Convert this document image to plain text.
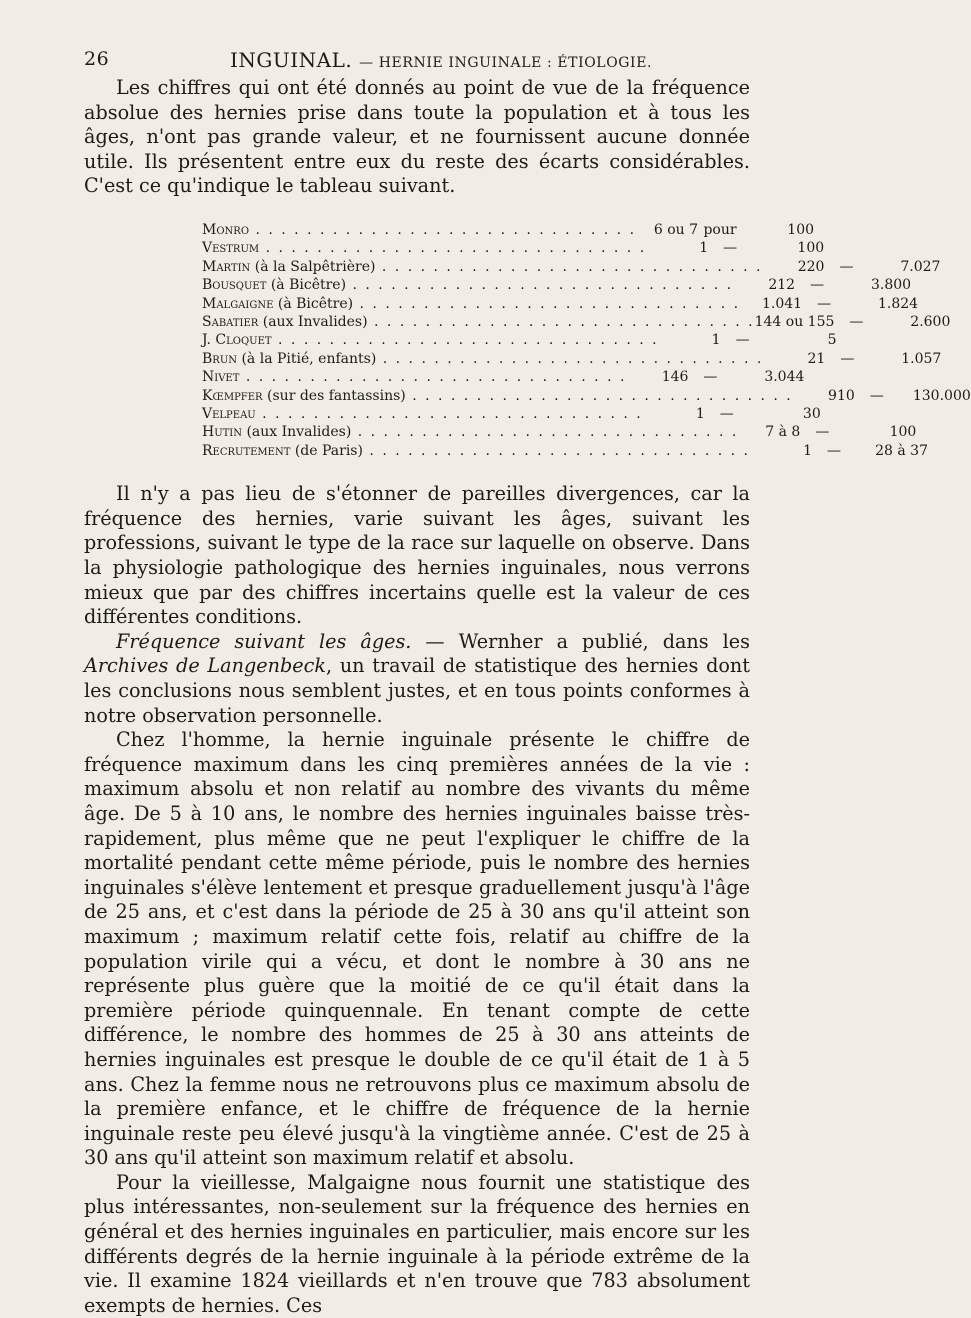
26	INGUINAL. — HERNIE INGUINALE : ÉTIOLOGIE.

Les chiffres qui ont été donnés au point de vue de la fréquence absolue des hernies prise dans toute la population et à tous les âges, n'ont pas grande valeur, et ne fournissent aucune donnée utile. Ils présentent entre eux du reste des écarts considérables. C'est ce qu'indique le tableau suivant.

Monro . . . . . . . . . . . . . . . . . . . . . . . . . . . . . .	6 ou 7 pour	100
Vestrum . . . . . . . . . . . . . . . . . . . . . . . . . . . . . .	1	—	100
Martin (à la Salpêtrière) . . . . . . . . . . . . . . . . . . . . . . . . . . . . . .	220	—	7.027
Bousquet (à Bicêtre) . . . . . . . . . . . . . . . . . . . . . . . . . . . . . .	212	—	3.800
Malgaigne (à Bicêtre) . . . . . . . . . . . . . . . . . . . . . . . . . . . . . .	1.041	—	1.824
Sabatier (aux Invalides) . . . . . . . . . . . . . . . . . . . . . . . . . . . . . . 144 ou 155	—	2.600
J. Cloquet . . . . . . . . . . . . . . . . . . . . . . . . . . . . . .	1	—	5
Brun (à la Pitié, enfants) . . . . . . . . . . . . . . . . . . . . . . . . . . . . . .	21	—	1.057
Nivet . . . . . . . . . . . . . . . . . . . . . . . . . . . . . .	146	—	3.044
Kœmpfer (sur des fantassins) . . . . . . . . . . . . . . . . . . . . . . . . . . . . . .	910	—	130.000
Velpeau . . . . . . . . . . . . . . . . . . . . . . . . . . . . . .	1	—	30
Hutin (aux Invalides) . . . . . . . . . . . . . . . . . . . . . . . . . . . . . .	7 à 8	—	100
Recrutement (de Paris) . . . . . . . . . . . . . . . . . . . . . . . . . . . . . .	1	—	28 à 37

Il n'y a pas lieu de s'étonner de pareilles divergences, car la fréquence des hernies, varie suivant les âges, suivant les professions, suivant le type de la race sur laquelle on observe. Dans la physiologie pathologique des hernies inguinales, nous verrons mieux que par des chiffres incertains quelle est la valeur de ces différentes conditions.

Fréquence suivant les âges. — Wernher a publié, dans les Archives de Langenbeck, un travail de statistique des hernies dont les conclusions nous semblent justes, et en tous points conformes à notre observation personnelle.

Chez l'homme, la hernie inguinale présente le chiffre de fréquence maximum dans les cinq premières années de la vie : maximum absolu et non relatif au nombre des vivants du même âge. De 5 à 10 ans, le nombre des hernies inguinales baisse très-rapidement, plus même que ne peut l'expliquer le chiffre de la mortalité pendant cette même période, puis le nombre des hernies inguinales s'élève lentement et presque graduellement jusqu'à l'âge de 25 ans, et c'est dans la période de 25 à 30 ans qu'il atteint son maximum ; maximum relatif cette fois, relatif au chiffre de la population virile qui a vécu, et dont le nombre à 30 ans ne représente plus guère que la moitié de ce qu'il était dans la première période quinquennale. En tenant compte de cette différence, le nombre des hommes de 25 à 30 ans atteints de hernies inguinales est presque le double de ce qu'il était de 1 à 5 ans. Chez la femme nous ne retrouvons plus ce maximum absolu de la première enfance, et le chiffre de fréquence de la hernie inguinale reste peu élevé jusqu'à la vingtième année. C'est de 25 à 30 ans qu'il atteint son maximum relatif et absolu.

Pour la vieillesse, Malgaigne nous fournit une statistique des plus intéressantes, non-seulement sur la fréquence des hernies en général et des hernies inguinales en particulier, mais encore sur les différents degrés de la hernie inguinale à la période extrême de la vie. Il examine 1824 vieillards et n'en trouve que 783 absolument exempts de hernies. Ces
